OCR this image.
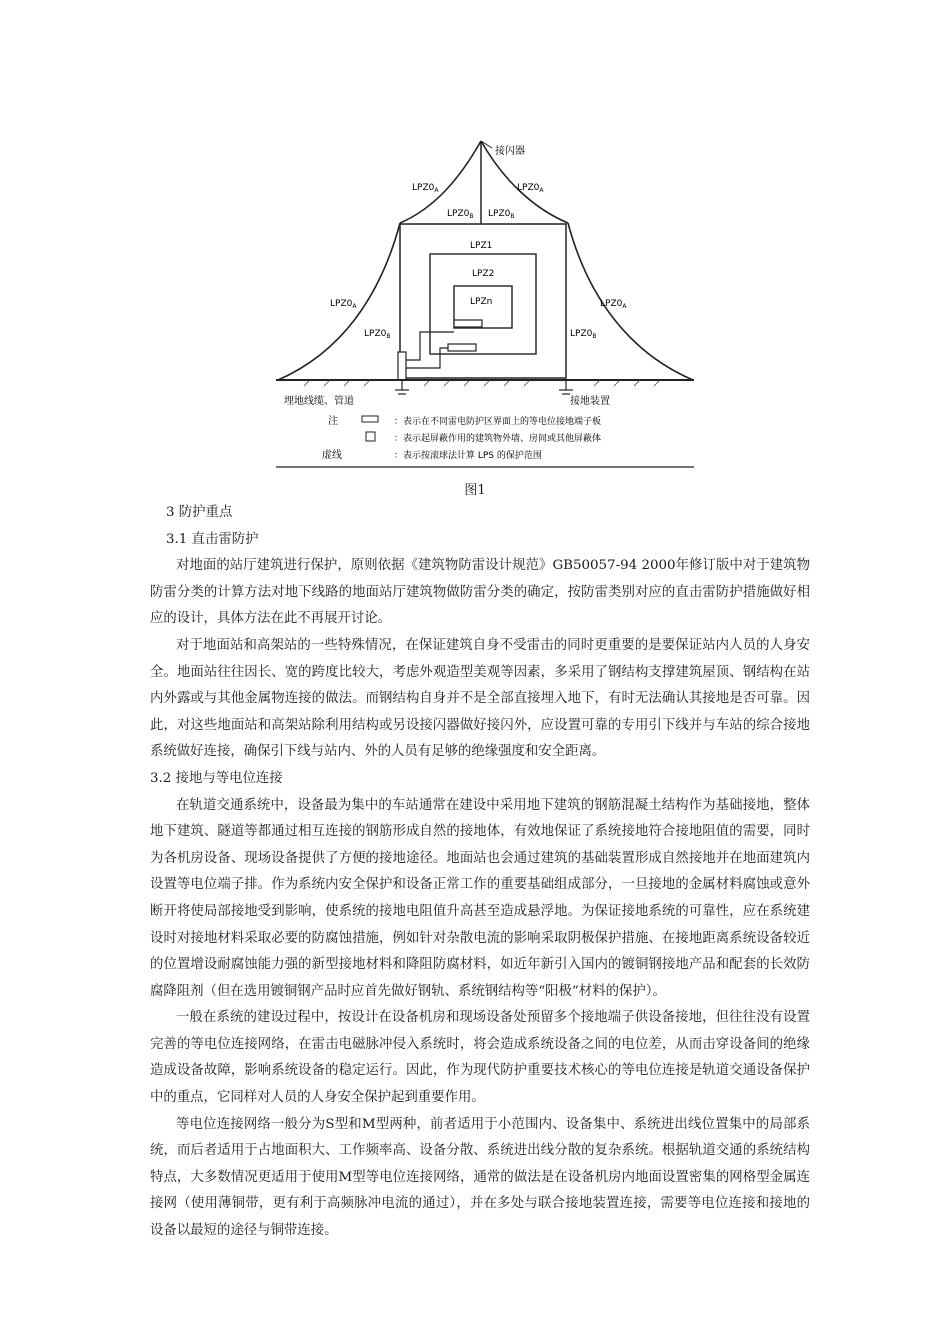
接闪器
$LPZ0_A$	$LPZ0_A$
$LPZ0_B$ $LPZ0_B$
LPZ1
LPZ2
LPZn
$LPZ0_A$
$LPZ0_B$
$LPZ0_A$
$LPZ0_B$
埋地线缆、管道	接地装置
注	：表示在不同雷电防护区界面上的等电位接地端子板
：表示起屏蔽作用的建筑物外墙、房间或其他屏蔽体
虚线	：表示按滚球法计算 LPS 的保护范围
图1

3 防护重点

3.1 直击雷防护

对地面的站厅建筑进行保护，原则依据《建筑物防雷设计规范》GB50057-94 2000年修订版中对于建筑物防雷分类的计算方法对地下线路的地面站厅建筑物做防雷分类的确定，按防雷类别对应的直击雷防护措施做好相应的设计，具体方法在此不再展开讨论。

对于地面站和高架站的一些特殊情况，在保证建筑自身不受雷击的同时更重要的是要保证站内人员的人身安全。地面站往往因长、宽的跨度比较大，考虑外观造型美观等因素，多采用了钢结构支撑建筑屋顶、钢结构在站内外露或与其他金属物连接的做法。而钢结构自身并不是全部直接埋入地下，有时无法确认其接地是否可靠。因此，对这些地面站和高架站除利用结构或另设接闪器做好接闪外，应设置可靠的专用引下线并与车站的综合接地系统做好连接，确保引下线与站内、外的人员有足够的绝缘强度和安全距离。

3.2 接地与等电位连接

在轨道交通系统中，设备最为集中的车站通常在建设中采用地下建筑的钢筋混凝土结构作为基础接地，整体地下建筑、隧道等都通过相互连接的钢筋形成自然的接地体，有效地保证了系统接地符合接地阻值的需要，同时为各机房设备、现场设备提供了方便的接地途径。地面站也会通过建筑的基础装置形成自然接地并在地面建筑内设置等电位端子排。作为系统内安全保护和设备正常工作的重要基础组成部分，一旦接地的金属材料腐蚀或意外断开将使局部接地受到影响，使系统的接地电阻值升高甚至造成悬浮地。为保证接地系统的可靠性，应在系统建设时对接地材料采取必要的防腐蚀措施，例如针对杂散电流的影响采取阴极保护措施、在接地距离系统设备较近的位置增设耐腐蚀能力强的新型接地材料和降阻防腐材料，如近年新引入国内的镀铜钢接地产品和配套的长效防腐降阻剂（但在选用镀铜钢产品时应首先做好钢轨、系统钢结构等“阳极”材料的保护）。

一般在系统的建设过程中，按设计在设备机房和现场设备处预留多个接地端子供设备接地，但往往没有设置完善的等电位连接网络，在雷击电磁脉冲侵入系统时，将会造成系统设备之间的电位差，从而击穿设备间的绝缘造成设备故障，影响系统设备的稳定运行。因此，作为现代防护重要技术核心的等电位连接是轨道交通设备保护中的重点，它同样对人员的人身安全保护起到重要作用。

等电位连接网络一般分为S型和M型两种，前者适用于小范围内、设备集中、系统进出线位置集中的局部系统，而后者适用于占地面积大、工作频率高、设备分散、系统进出线分散的复杂系统。根据轨道交通的系统结构特点，大多数情况更适用于使用M型等电位连接网络，通常的做法是在设备机房内地面设置密集的网格型金属连接网（使用薄铜带，更有利于高频脉冲电流的通过），并在多处与联合接地装置连接，需要等电位连接和接地的设备以最短的途径与铜带连接。
